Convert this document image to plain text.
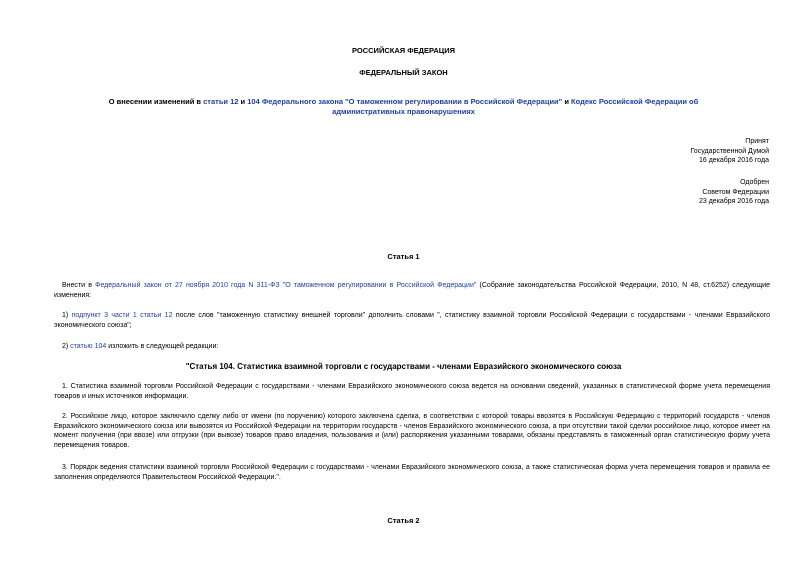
РОССИЙСКАЯ ФЕДЕРАЦИЯ
ФЕДЕРАЛЬНЫЙ ЗАКОН
О внесении изменений в статьи 12 и 104 Федерального закона "О таможенном регулировании в Российской Федерации" и Кодекс Российской Федерации об административных правонарушениях
Принят
Государственной Думой
16 декабря 2016 года
Одобрен
Советом Федерации
23 декабря 2016 года
Статья 1
Внести в Федеральный закон от 27 ноября 2010 года N 311-ФЗ "О таможенном регулировании в Российской Федерации" (Собрание законодательства Российской Федерации, 2010, N 48, ст.6252) следующие изменения:
1) подпункт 3 части 1 статьи 12 после слов "таможенную статистику внешней торговли" дополнить словами ", статистику взаимной торговли Российской Федерации с государствами - членами Евразийского экономического союза";
2) статью 104 изложить в следующей редакции:
"Статья 104. Статистика взаимной торговли с государствами - членами Евразийского экономического союза
1. Статистика взаимной торговли Российской Федерации с государствами - членами Евразийского экономического союза ведется на основании сведений, указанных в статистической форме учета перемещения товаров и иных источников информации.
2. Российское лицо, которое заключило сделку либо от имени (по поручению) которого заключена сделка, в соответствии с которой товары ввозятся в Российскую Федерацию с территорий государств - членов Евразийского экономического союза или вывозятся из Российской Федерации на территории государств - членов Евразийского экономического союза, а при отсутствии такой сделки российское лицо, которое имеет на момент получения (при ввозе) или отгрузки (при вывозе) товаров право владения, пользования и (или) распоряжения указанными товарами, обязаны представлять в таможенный орган статистическую форму учета перемещения товаров.
3. Порядок ведения статистики взаимной торговли Российской Федерации с государствами - членами Евразийского экономического союза, а также статистическая форма учета перемещения товаров и правила ее заполнения определяются Правительством Российской Федерации.".
Статья 2
